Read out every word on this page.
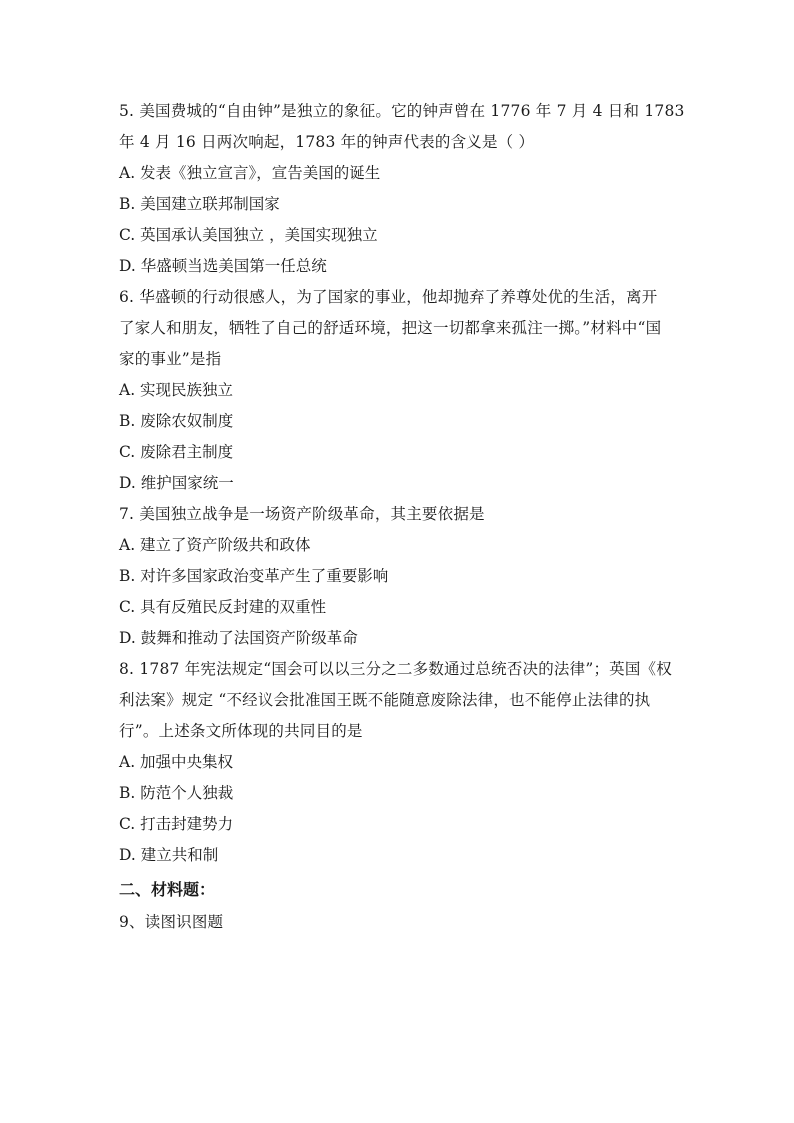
5. 美国费城的“自由钟”是独立的象征。它的钟声曾在 1776 年 7 月 4 日和 1783
年 4 月 16 日两次响起，1783 年的钟声代表的含义是（ ）
A. 发表《独立宣言》，宣告美国的诞生
B. 美国建立联邦制国家
C. 英国承认美国独立 ，美国实现独立
D. 华盛顿当选美国第一任总统
6. 华盛顿的行动很感人，为了国家的事业，他却抛弃了养尊处优的生活，离开
了家人和朋友，牺牲了自己的舒适环境，把这一切都拿来孤注一掷。”材料中“国
家的事业”是指
A. 实现民族独立
B. 废除农奴制度
C. 废除君主制度
D. 维护国家统一
7. 美国独立战争是一场资产阶级革命，其主要依据是
A. 建立了资产阶级共和政体
B. 对许多国家政治变革产生了重要影响
C. 具有反殖民反封建的双重性
D. 鼓舞和推动了法国资产阶级革命
8. 1787 年宪法规定“国会可以以三分之二多数通过总统否决的法律”；英国《权
利法案》规定 “不经议会批准国王既不能随意废除法律，也不能停止法律的执
行”。上述条文所体现的共同目的是
A. 加强中央集权
B. 防范个人独裁
C. 打击封建势力
D. 建立共和制
二、材料题：
9、读图识图题
